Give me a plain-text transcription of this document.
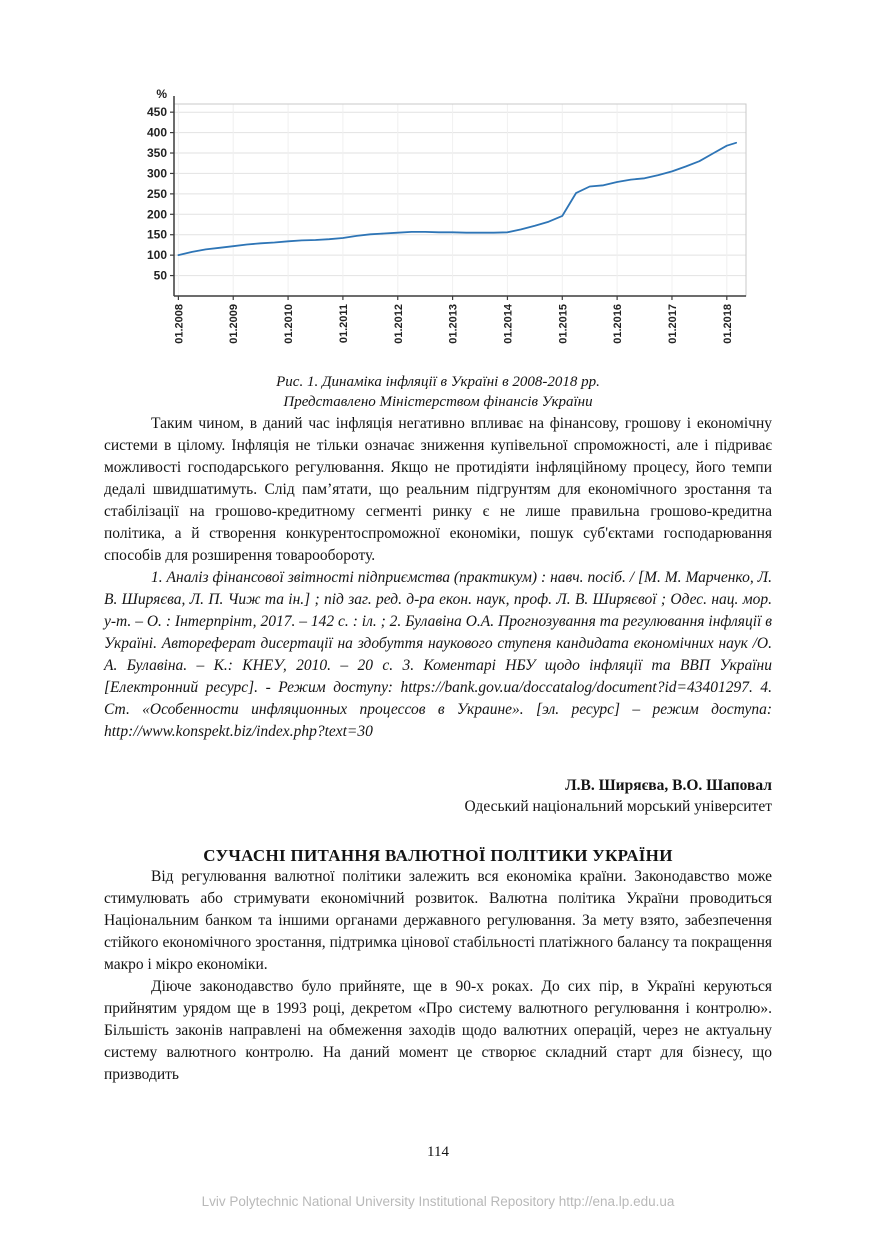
50
100
150
200
250
300
350
400
450
%
01.2008	01.2009	01.2010	01.2011	01.2012	01.2013	01.2014	01.2015	01.2016	01.2017	01.2018
Рис. 1. Динаміка інфляції в Україні в 2008-2018 рр.
Представлено Міністерством фінансів України

Таким чином, в даний час інфляція негативно впливає на фінансову, грошову і економічну системи в цілому. Інфляція не тільки означає зниження купівельної спроможності, але і підриває можливості господарського регулювання. Якщо не протидіяти інфляційному процесу, його темпи дедалі швидшатимуть. Слід пам’ятати, що реальним підгрунтям для економічного зростання та стабілізації на грошово-кредитному сегменті ринку є не лише правильна грошово-кредитна політика, а й створення конкурентоспроможної економіки, пошук суб'єктами господарювання способів для розширення товарообороту.

1. Аналіз фінансової звітності підприємства (практикум) : навч. посіб. / [М. М. Марченко, Л. В. Ширяєва, Л. П. Чиж та ін.] ; під заг. ред. д-ра екон. наук, проф. Л. В. Ширяєвої ; Одес. нац. мор. у-т. – О. : Інтерпрінт, 2017. – 142 с. : іл. ; 2. Булавіна О.А. Прогнозування та регулювання інфляції в Україні. Автореферат дисертації на здобуття наукового ступеня кандидата економічних наук /О. А. Булавіна. – К.: КНЕУ, 2010. – 20 с. 3. Коментарі НБУ щодо інфляції та ВВП України [Електронний ресурс]. - Режим доступу: https://bank.gov.ua/doccatalog/document?id=43401297. 4. Ст. «Особенности инфляционных процессов в Украине». [эл. ресурс] – режим доступа: http://www.konspekt.biz/index.php?text=30

Л.В. Ширяєва, В.О. Шаповал
Одеський національний морський університет
СУЧАСНІ ПИТАННЯ ВАЛЮТНОЇ ПОЛІТИКИ УКРАЇНИ

Від регулювання валютної політики залежить вся економіка країни. Законодавство може стимулювать або стримувати економічний розвиток. Валютна політика України проводиться Національним банком та іншими органами державного регулювання. За мету взято, забезпечення стійкого економічного зростання, підтримка цінової стабільності платіжного балансу та покращення макро і мікро економіки.

Діюче законодавство було прийняте, ще в 90-х роках. До сих пір, в Україні керуються прийнятим урядом ще в 1993 році, декретом «Про систему валютного регулювання і контролю». Більшість законів направлені на обмеження заходів щодо валютних операцій, через не актуальну систему валютного контролю. На даний момент це створює складний старт для бізнесу, що призводить

114
Lviv Polytechnic National University Institutional Repository http://ena.lp.edu.ua
